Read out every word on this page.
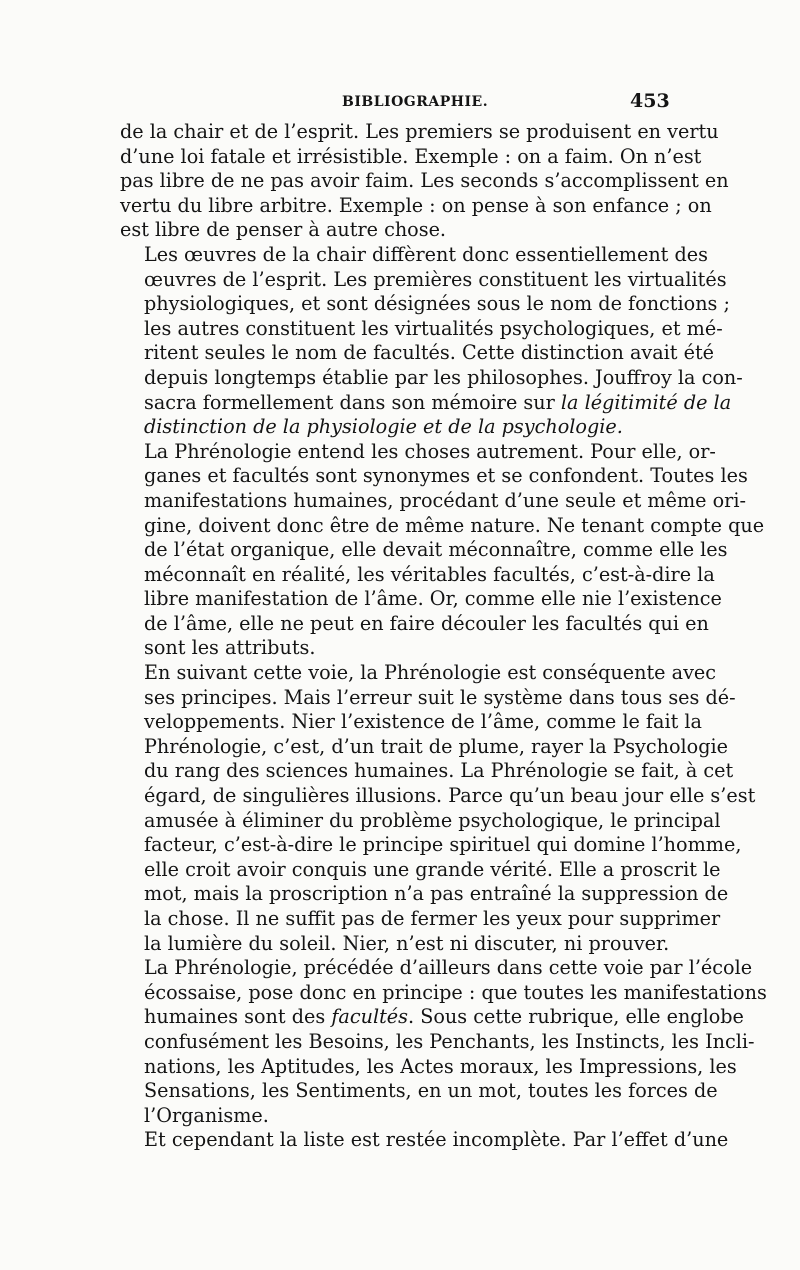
BIBLIOGRAPHIE.	453

de la chair et de l’esprit. Les premiers se produisent en vertu
d’une loi fatale et irrésistible. Exemple : on a faim. On n’est
pas libre de ne pas avoir faim. Les seconds s’accomplissent en
vertu du libre arbitre. Exemple : on pense à son enfance ; on
est libre de penser à autre chose.

Les œuvres de la chair diffèrent donc essentiellement des
œuvres de l’esprit. Les premières constituent les virtualités
physiologiques, et sont désignées sous le nom de fonctions ;
les autres constituent les virtualités psychologiques, et mé-
ritent seules le nom de facultés. Cette distinction avait été
depuis longtemps établie par les philosophes. Jouffroy la con-
sacra formellement dans son mémoire sur la légitimité de la
distinction de la physiologie et de la psychologie.

La Phrénologie entend les choses autrement. Pour elle, or-
ganes et facultés sont synonymes et se confondent. Toutes les
manifestations humaines, procédant d’une seule et même ori-
gine, doivent donc être de même nature. Ne tenant compte que
de l’état organique, elle devait méconnaître, comme elle les
méconnaît en réalité, les véritables facultés, c’est-à-dire la
libre manifestation de l’âme. Or, comme elle nie l’existence
de l’âme, elle ne peut en faire découler les facultés qui en
sont les attributs.

En suivant cette voie, la Phrénologie est conséquente avec
ses principes. Mais l’erreur suit le système dans tous ses dé-
veloppements. Nier l’existence de l’âme, comme le fait la
Phrénologie, c’est, d’un trait de plume, rayer la Psychologie
du rang des sciences humaines. La Phrénologie se fait, à cet
égard, de singulières illusions. Parce qu’un beau jour elle s’est
amusée à éliminer du problème psychologique, le principal
facteur, c’est-à-dire le principe spirituel qui domine l’homme,
elle croit avoir conquis une grande vérité. Elle a proscrit le
mot, mais la proscription n’a pas entraîné la suppression de
la chose. Il ne suffit pas de fermer les yeux pour supprimer
la lumière du soleil. Nier, n’est ni discuter, ni prouver.

La Phrénologie, précédée d’ailleurs dans cette voie par l’école
écossaise, pose donc en principe : que toutes les manifestations
humaines sont des facultés. Sous cette rubrique, elle englobe
confusément les Besoins, les Penchants, les Instincts, les Incli-
nations, les Aptitudes, les Actes moraux, les Impressions, les
Sensations, les Sentiments, en un mot, toutes les forces de
l’Organisme.

Et cependant la liste est restée incomplète. Par l’effet d’une
